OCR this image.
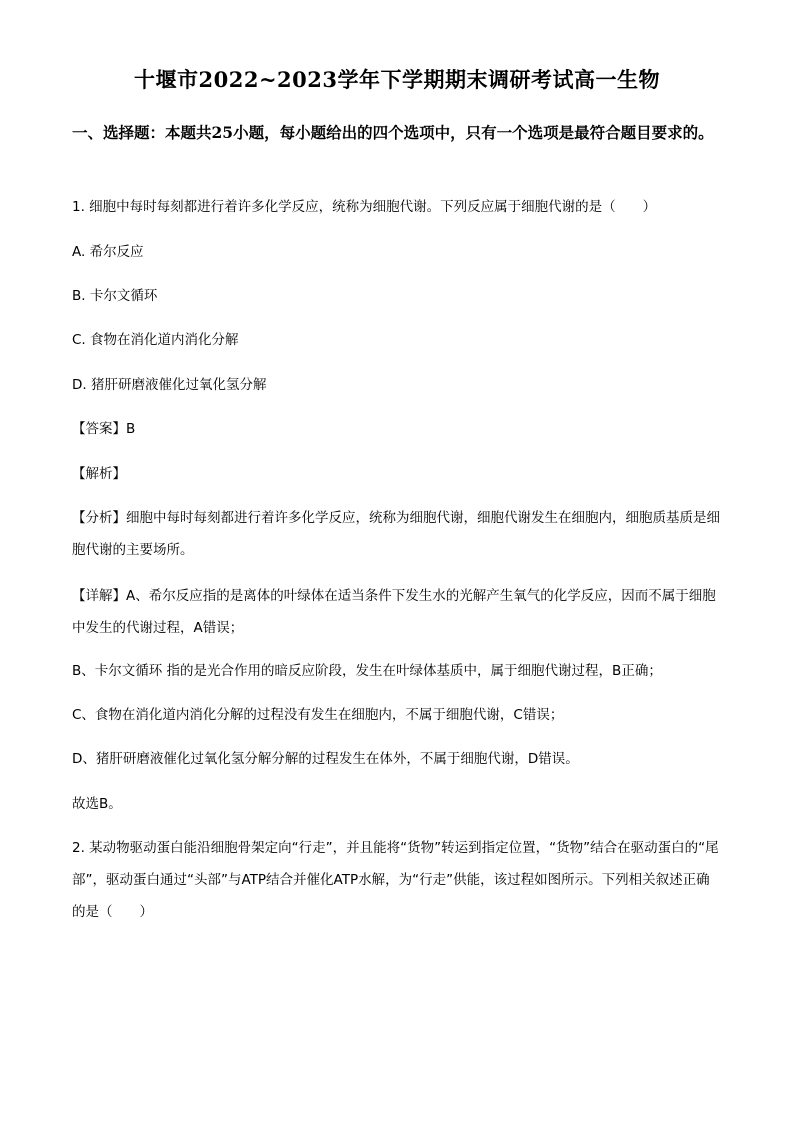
十堰市2022~2023学年下学期期末调研考试高一生物
一、选择题：本题共25小题，每小题给出的四个选项中，只有一个选项是最符合题目要求的。
1. 细胞中每时每刻都进行着许多化学反应，统称为细胞代谢。下列反应属于细胞代谢的是（　　）
A. 希尔反应
B. 卡尔文循环
C. 食物在消化道内消化分解
D. 猪肝研磨液催化过氧化氢分解
【答案】B
【解析】
【分析】细胞中每时每刻都进行着许多化学反应，统称为细胞代谢，细胞代谢发生在细胞内，细胞质基质是细胞代谢的主要场所。
【详解】A、希尔反应指的是离体的叶绿体在适当条件下发生水的光解产生氧气的化学反应，因而不属于细胞中发生的代谢过程，A错误；
B、卡尔文循环 指的是光合作用的暗反应阶段，发生在叶绿体基质中，属于细胞代谢过程，B正确；
C、食物在消化道内消化分解的过程没有发生在细胞内，不属于细胞代谢，C错误；
D、猪肝研磨液催化过氧化氢分解分解的过程发生在体外，不属于细胞代谢，D错误。
故选B。
2. 某动物驱动蛋白能沿细胞骨架定向“行走”，并且能将“货物”转运到指定位置，“货物”结合在驱动蛋白的“尾部”，驱动蛋白通过“头部”与ATP结合并催化ATP水解，为“行走”供能，该过程如图所示。下列相关叙述正确的是（　　）
